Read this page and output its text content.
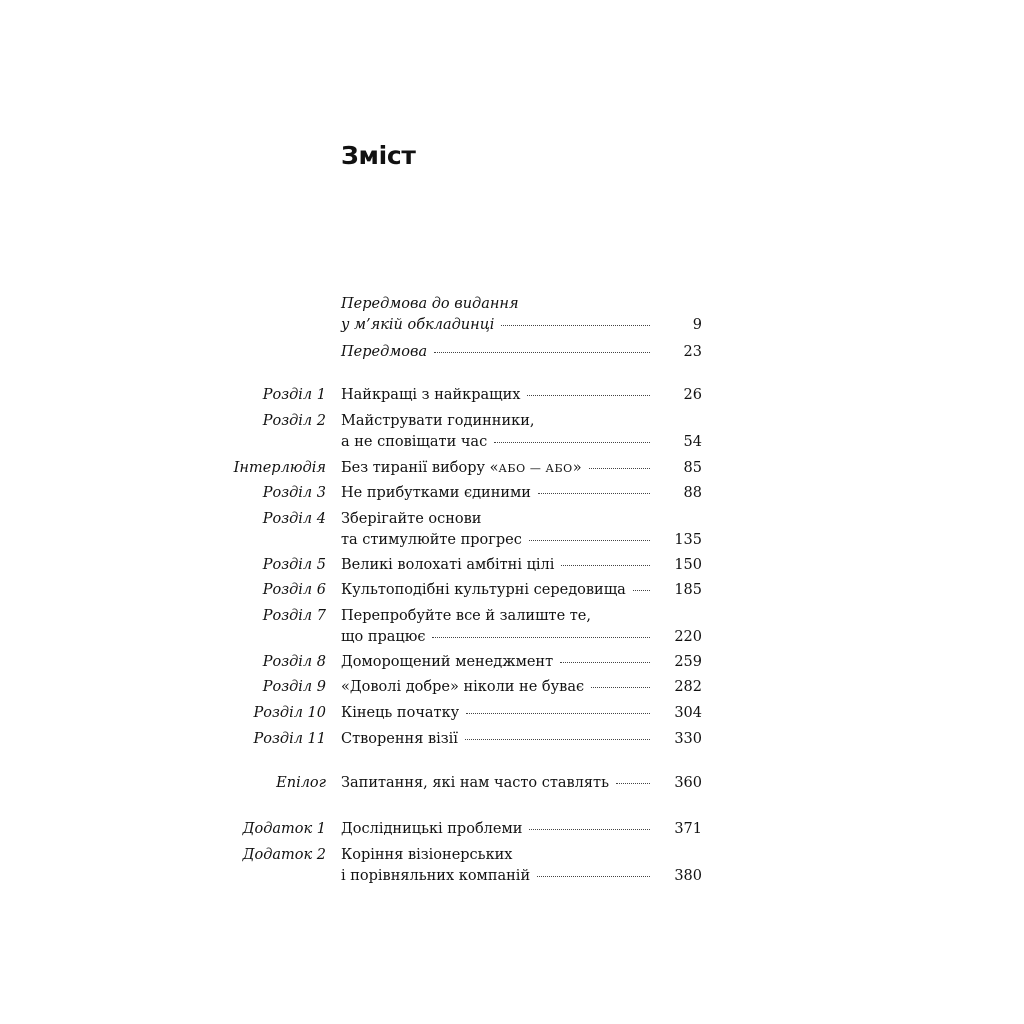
Зміст
Передмова до видання
у м’якій обкладинці	9
Передмова	23
Розділ 1 Найкращі з найкращих	26
Розділ 2 Майструвати годинники,
а не сповіщати час	54
Інтерлюдія Без тиранії вибору «АБО — АБО»	85
Розділ 3 Не прибутками єдиними	88
Розділ 4 Зберігайте основи
та стимулюйте прогрес	135
Розділ 5 Великі волохаті амбітні цілі	150
Розділ 6 Культоподібні культурні середовища	185
Розділ 7 Перепробуйте все й залиште те,
що працює	220
Розділ 8 Доморощений менеджмент	259
Розділ 9 «Доволі добре» ніколи не буває	282
Розділ 10 Кінець початку	304
Розділ 11 Створення візії	330
Епілог Запитання, які нам часто ставлять	360
Додаток 1 Дослідницькі проблеми	371
Додаток 2 Коріння візіонерських
і порівняльних компаній	380
